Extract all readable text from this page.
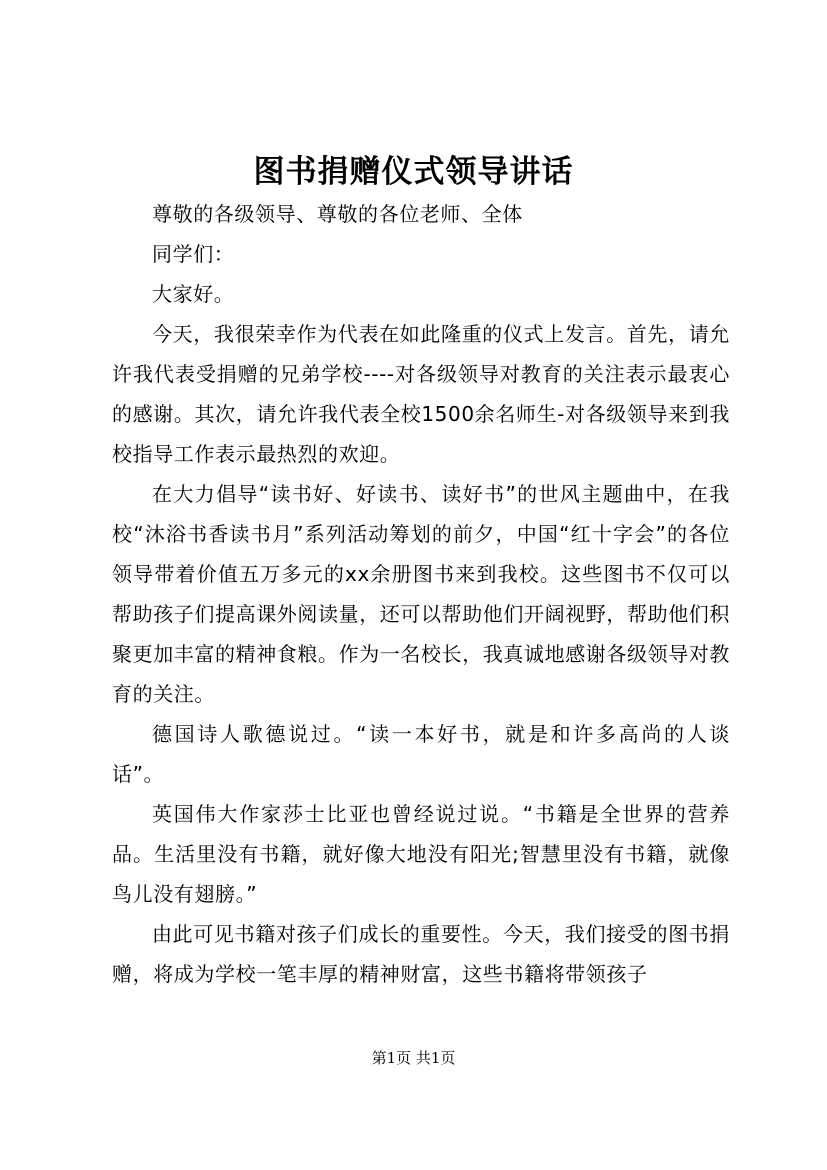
图书捐赠仪式领导讲话

尊敬的各级领导、尊敬的各位老师、全体

同学们：

大家好。

今天，我很荣幸作为代表在如此隆重的仪式上发言。首先，请允许我代表受捐赠的兄弟学校----对各级领导对教育的关注表示最衷心的感谢。其次，请允许我代表全校1500余名师生-对各级领导来到我校指导工作表示最热烈的欢迎。

在大力倡导“读书好、好读书、读好书”的世风主题曲中，在我校“沐浴书香读书月”系列活动筹划的前夕，中国“红十字会”的各位领导带着价值五万多元的xx余册图书来到我校。这些图书不仅可以帮助孩子们提高课外阅读量，还可以帮助他们开阔视野，帮助他们积聚更加丰富的精神食粮。作为一名校长，我真诚地感谢各级领导对教育的关注。

德国诗人歌德说过。“读一本好书，就是和许多高尚的人谈话”。

英国伟大作家莎士比亚也曾经说过说。“书籍是全世界的营养品。生活里没有书籍，就好像大地没有阳光;智慧里没有书籍，就像鸟儿没有翅膀。”

由此可见书籍对孩子们成长的重要性。今天，我们接受的图书捐赠，将成为学校一笔丰厚的精神财富，这些书籍将带领孩子

第1页 共1页
